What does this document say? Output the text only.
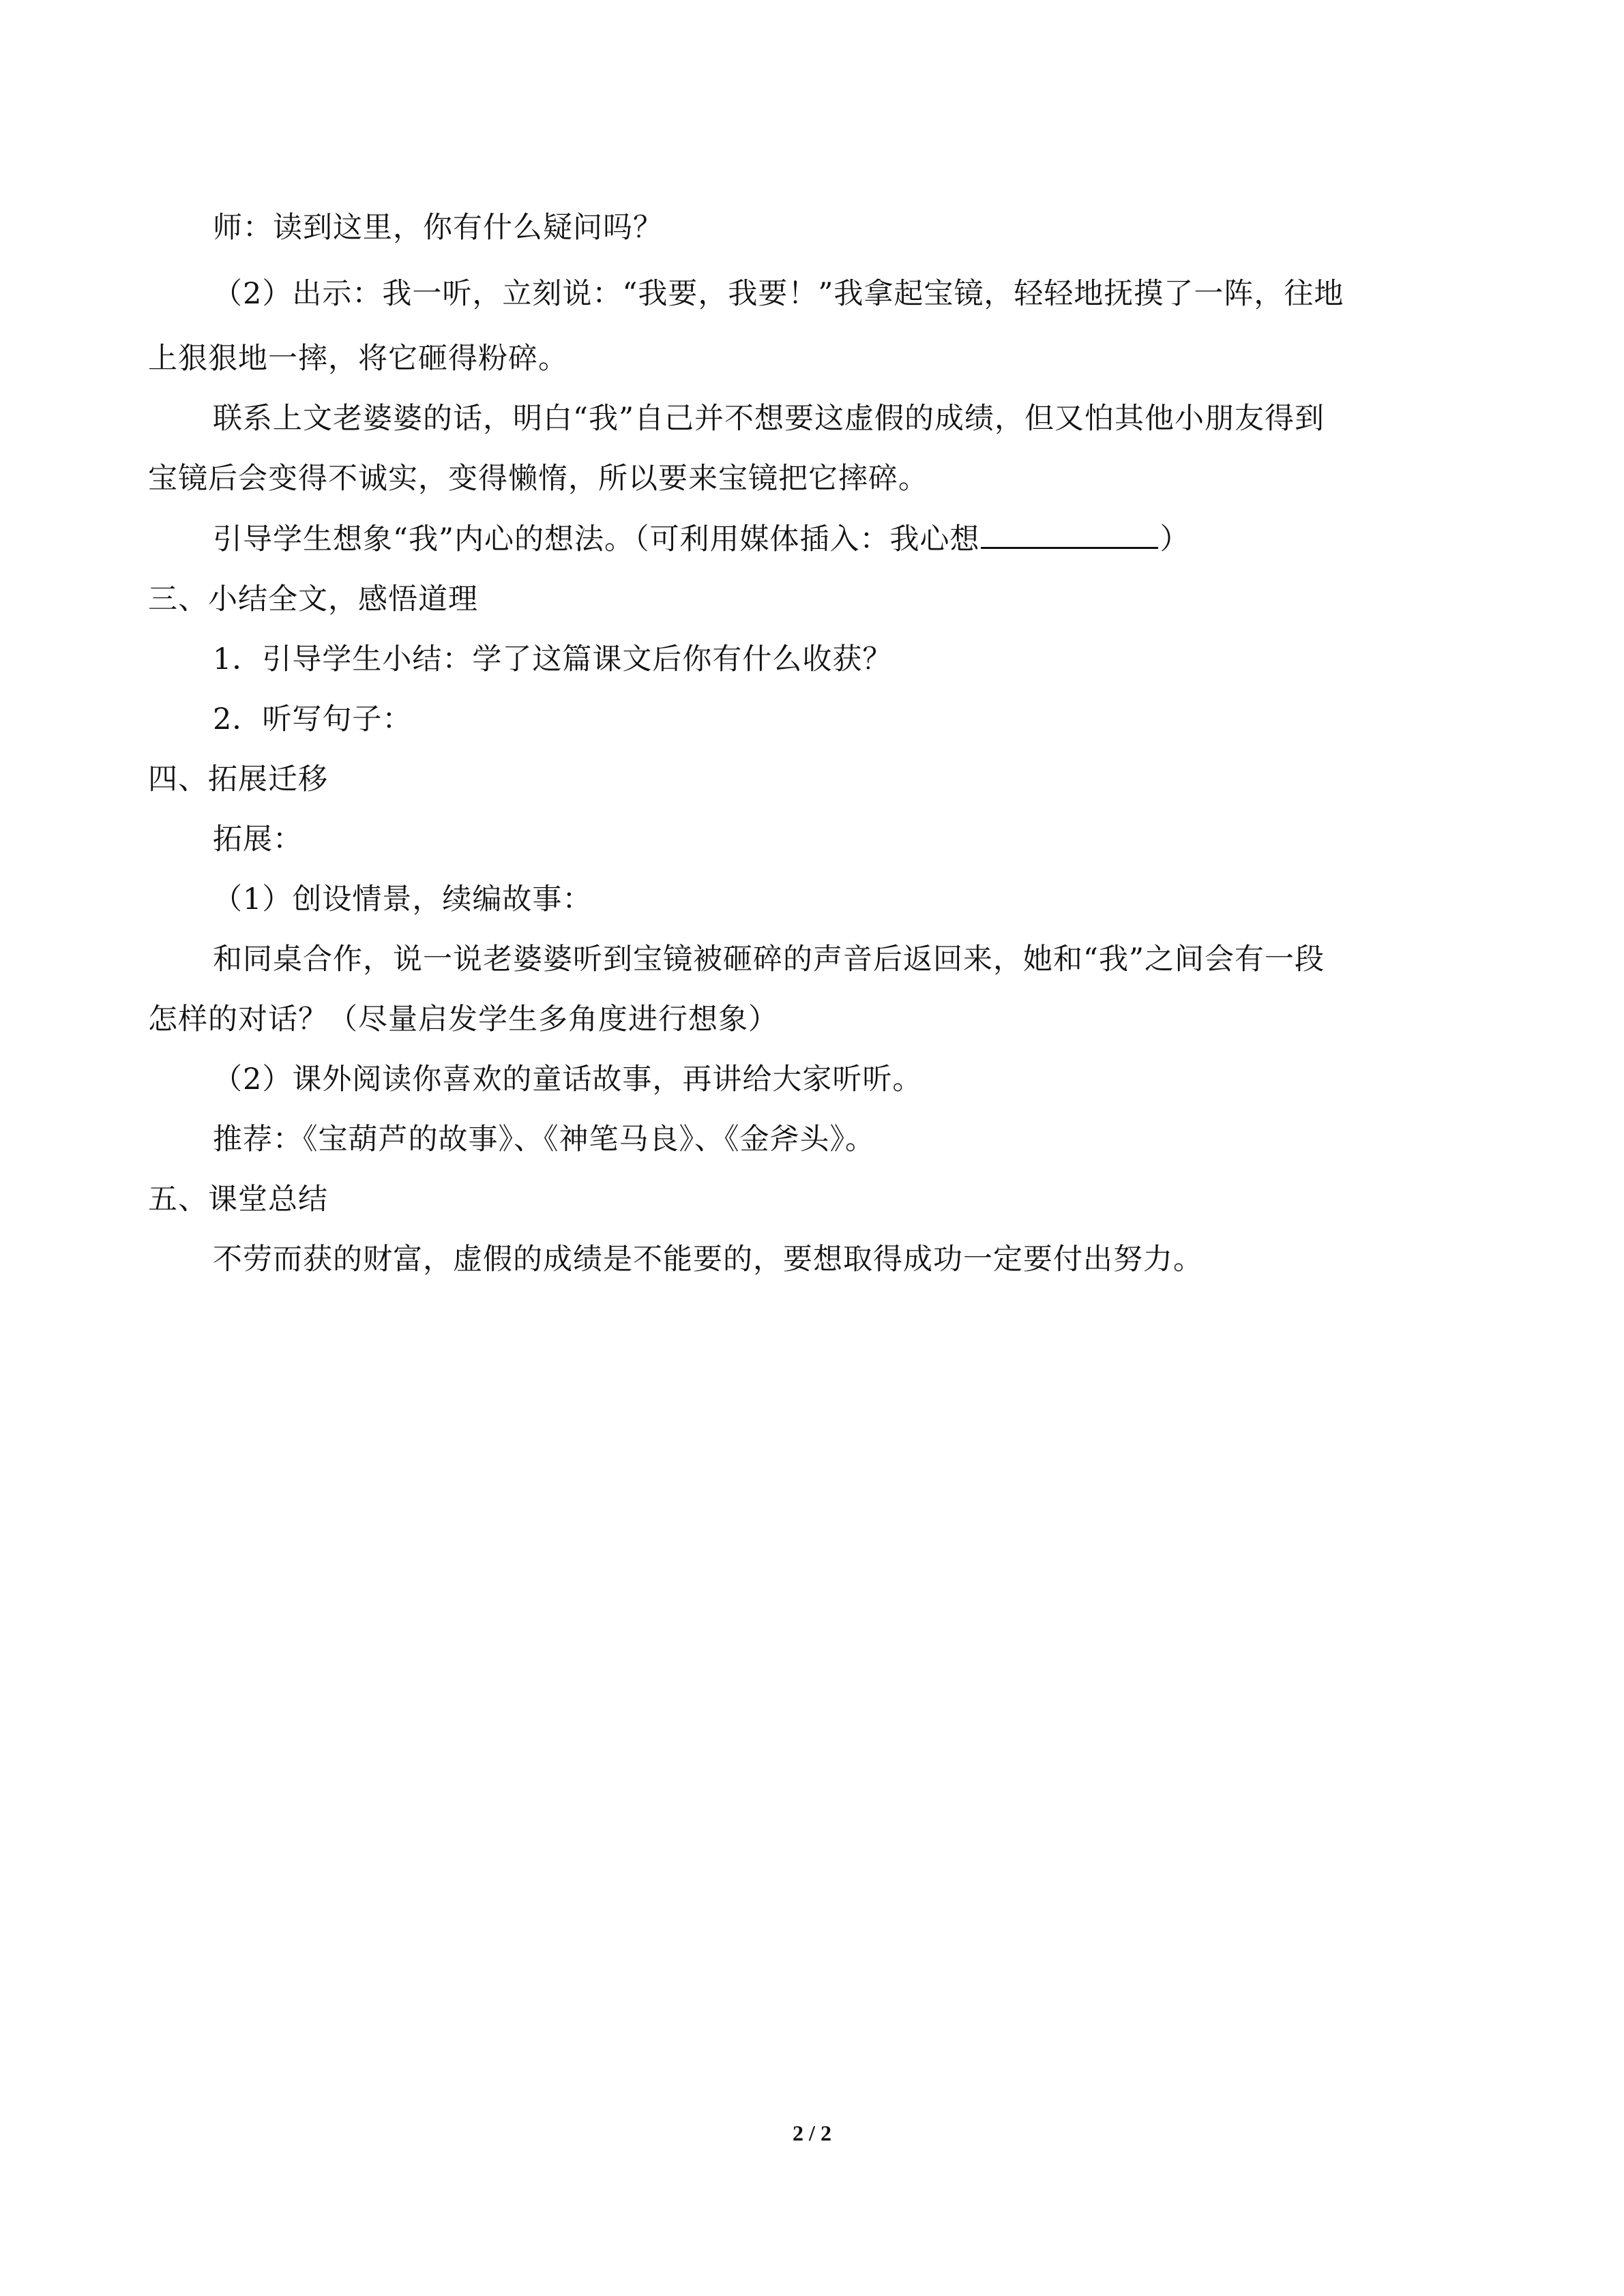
师：读到这里，你有什么疑问吗？
（2）出示：我一听，立刻说：“我要，我要！”我拿起宝镜，轻轻地抚摸了一阵，往地
上狠狠地一摔，将它砸得粉碎。
联系上文老婆婆的话，明白“我”自己并不想要这虚假的成绩，但又怕其他小朋友得到
宝镜后会变得不诚实，变得懒惰，所以要来宝镜把它摔碎。
引导学生想象“我”内心的想法。（可利用媒体插入：我心想	）
三、小结全文，感悟道理
1．引导学生小结：学了这篇课文后你有什么收获？
2．听写句子：
四、拓展迁移
拓展：
（1）创设情景，续编故事：
和同桌合作，说一说老婆婆听到宝镜被砸碎的声音后返回来，她和“我”之间会有一段
怎样的对话？（尽量启发学生多角度进行想象）
（2）课外阅读你喜欢的童话故事，再讲给大家听听。
推荐：《宝葫芦的故事》、《神笔马良》、《金斧头》。
五、课堂总结
不劳而获的财富，虚假的成绩是不能要的，要想取得成功一定要付出努力。
2 / 2
